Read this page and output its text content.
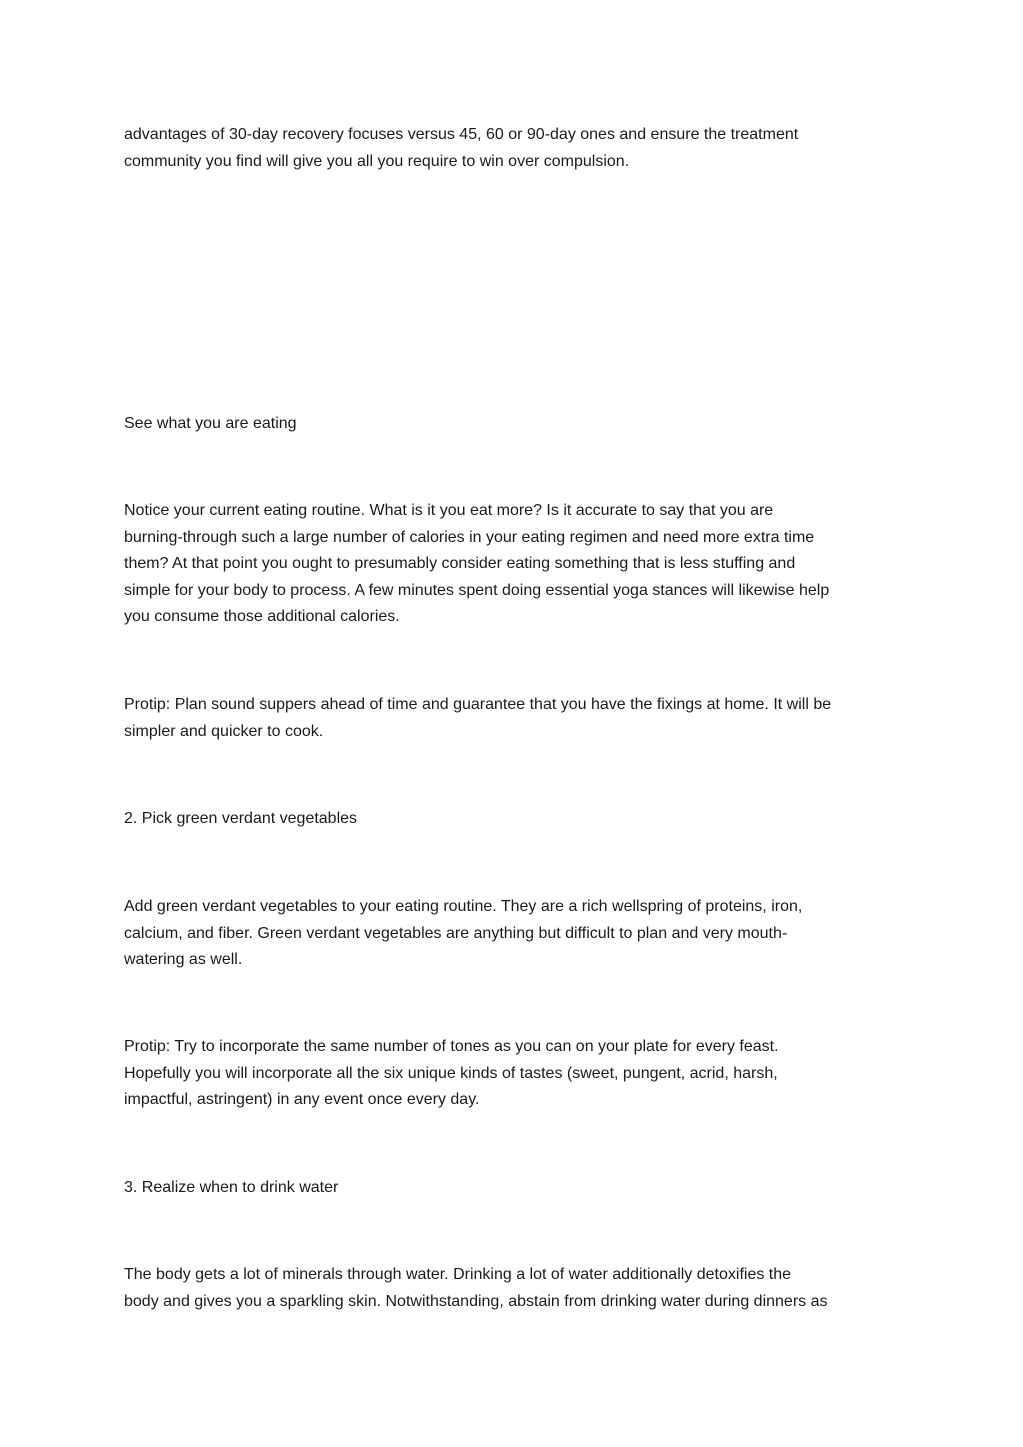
advantages of 30-day recovery focuses versus 45, 60 or 90-day ones and ensure the treatment
community you find will give you all you require to win over compulsion.
See what you are eating
Notice your current eating routine. What is it you eat more? Is it accurate to say that you are
burning-through such a large number of calories in your eating regimen and need more extra time
them? At that point you ought to presumably consider eating something that is less stuffing and
simple for your body to process. A few minutes spent doing essential yoga stances will likewise help
you consume those additional calories.
Protip: Plan sound suppers ahead of time and guarantee that you have the fixings at home. It will be
simpler and quicker to cook.
2. Pick green verdant vegetables
Add green verdant vegetables to your eating routine. They are a rich wellspring of proteins, iron,
calcium, and fiber. Green verdant vegetables are anything but difficult to plan and very mouth-
watering as well.
Protip: Try to incorporate the same number of tones as you can on your plate for every feast.
Hopefully you will incorporate all the six unique kinds of tastes (sweet, pungent, acrid, harsh,
impactful, astringent) in any event once every day.
3. Realize when to drink water
The body gets a lot of minerals through water. Drinking a lot of water additionally detoxifies the
body and gives you a sparkling skin. Notwithstanding, abstain from drinking water during dinners as
